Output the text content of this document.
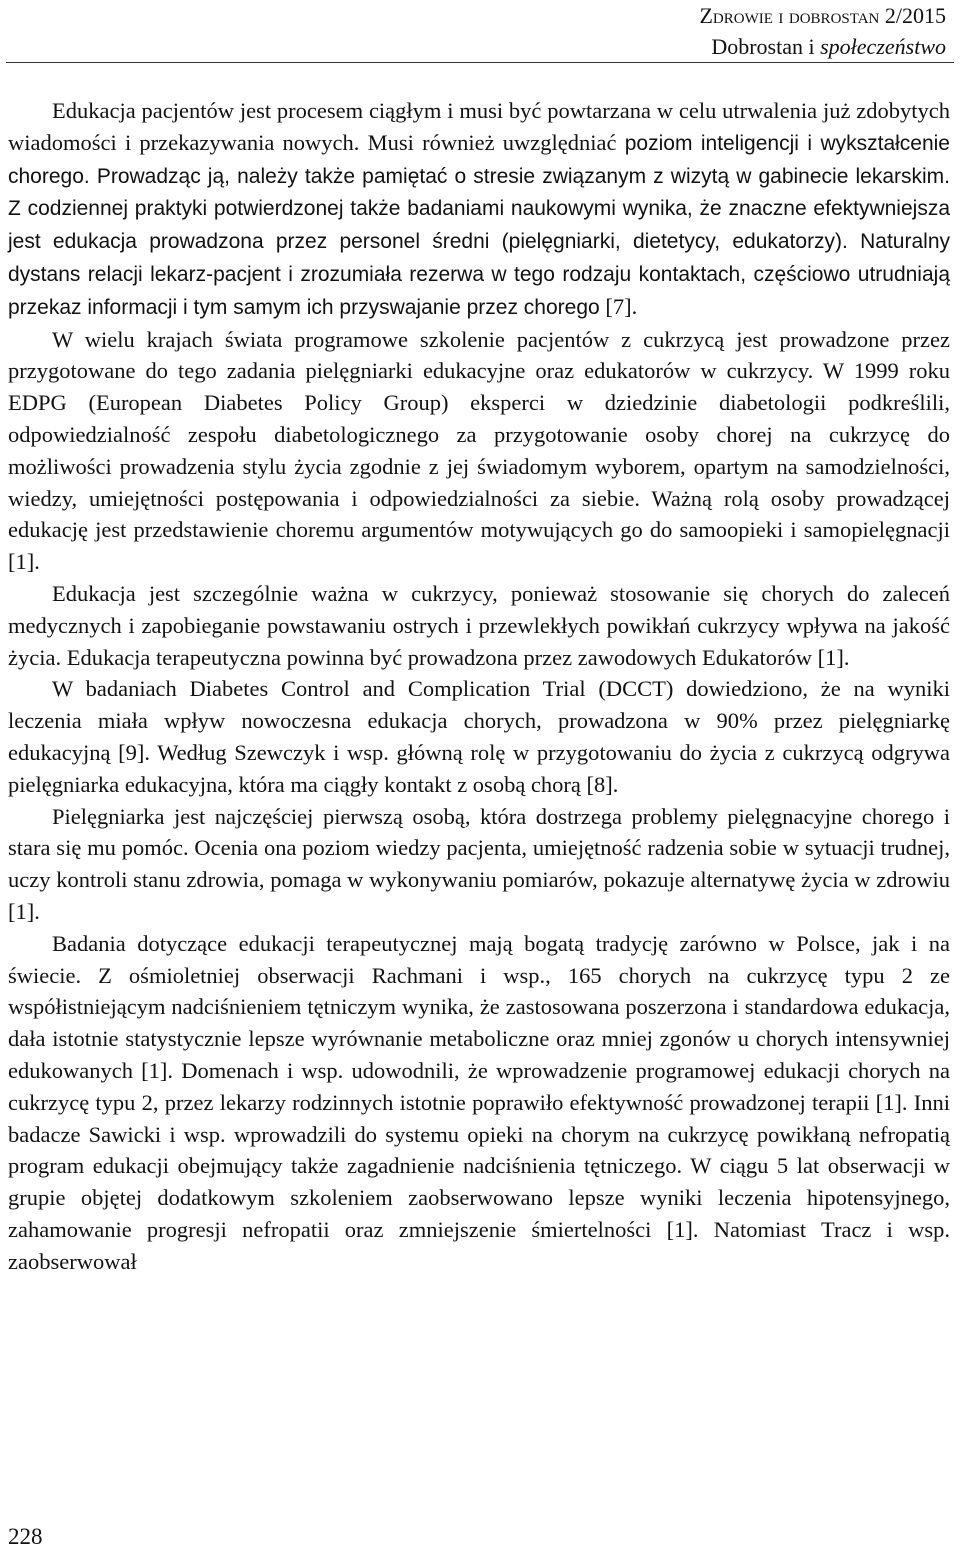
Zdrowie i dobrostan 2/2015
Dobrostan i społeczeństwo

Edukacja pacjentów jest procesem ciągłym i musi być powtarzana w celu utrwalenia już zdobytych wiadomości i przekazywania nowych. Musi również uwzględniać poziom inteligencji i wykształcenie chorego. Prowadząc ją, należy także pamiętać o stresie związanym z wizytą w gabinecie lekarskim. Z codziennej praktyki potwierdzonej także badaniami naukowymi wynika, że znaczne efektywniejsza jest edukacja prowadzona przez personel średni (pielęgniarki, dietetycy, edukatorzy). Naturalny dystans relacji lekarz-pacjent i zrozumiała rezerwa w tego rodzaju kontaktach, częściowo utrudniają przekaz informacji i tym samym ich przyswajanie przez chorego [7].

W wielu krajach świata programowe szkolenie pacjentów z cukrzycą jest prowadzone przez przygotowane do tego zadania pielęgniarki edukacyjne oraz edukatorów w cukrzycy. W 1999 roku EDPG (European Diabetes Policy Group) eksperci w dziedzinie diabetologii podkreślili, odpowiedzialność zespołu diabetologicznego za przygotowanie osoby chorej na cukrzycę do możliwości prowadzenia stylu życia zgodnie z jej świadomym wyborem, opartym na samodzielności, wiedzy, umiejętności postępowania i odpowiedzialności za siebie. Ważną rolą osoby prowadzącej edukację jest przedstawienie choremu argumentów motywujących go do samoopieki i samopielęgnacji [1].

Edukacja jest szczególnie ważna w cukrzycy, ponieważ stosowanie się chorych do zaleceń medycznych i zapobieganie powstawaniu ostrych i przewlekłych powikłań cukrzycy wpływa na jakość życia. Edukacja terapeutyczna powinna być prowadzona przez zawodowych Edukatorów [1].

W badaniach Diabetes Control and Complication Trial (DCCT) dowiedziono, że na wyniki leczenia miała wpływ nowoczesna edukacja chorych, prowadzona w 90% przez pielęgniarkę edukacyjną [9]. Według Szewczyk i wsp. główną rolę w przygotowaniu do życia z cukrzycą odgrywa pielęgniarka edukacyjna, która ma ciągły kontakt z osobą chorą [8].

Pielęgniarka jest najczęściej pierwszą osobą, która dostrzega problemy pielęgnacyjne chorego i stara się mu pomóc. Ocenia ona poziom wiedzy pacjenta, umiejętność radzenia sobie w sytuacji trudnej, uczy kontroli stanu zdrowia, pomaga w wykonywaniu pomiarów, pokazuje alternatywę życia w zdrowiu [1].

Badania dotyczące edukacji terapeutycznej mają bogatą tradycję zarówno w Polsce, jak i na świecie. Z ośmioletniej obserwacji Rachmani i wsp., 165 chorych na cukrzycę typu 2 ze współistniejącym nadciśnieniem tętniczym wynika, że zastosowana poszerzona i standardowa edukacja, dała istotnie statystycznie lepsze wyrównanie metaboliczne oraz mniej zgonów u chorych intensywniej edukowanych [1]. Domenach i wsp. udowodnili, że wprowadzenie programowej edukacji chorych na cukrzycę typu 2, przez lekarzy rodzinnych istotnie poprawiło efektywność prowadzonej terapii [1]. Inni badacze Sawicki i wsp. wprowadzili do systemu opieki na chorym na cukrzycę powikłaną nefropatią program edukacji obejmujący także zagadnienie nadciśnienia tętniczego. W ciągu 5 lat obserwacji w grupie objętej dodatkowym szkoleniem zaobserwowano lepsze wyniki leczenia hipotensyjnego, zahamowanie progresji nefropatii oraz zmniejszenie śmiertelności [1]. Natomiast Tracz i wsp. zaobserwował

228
